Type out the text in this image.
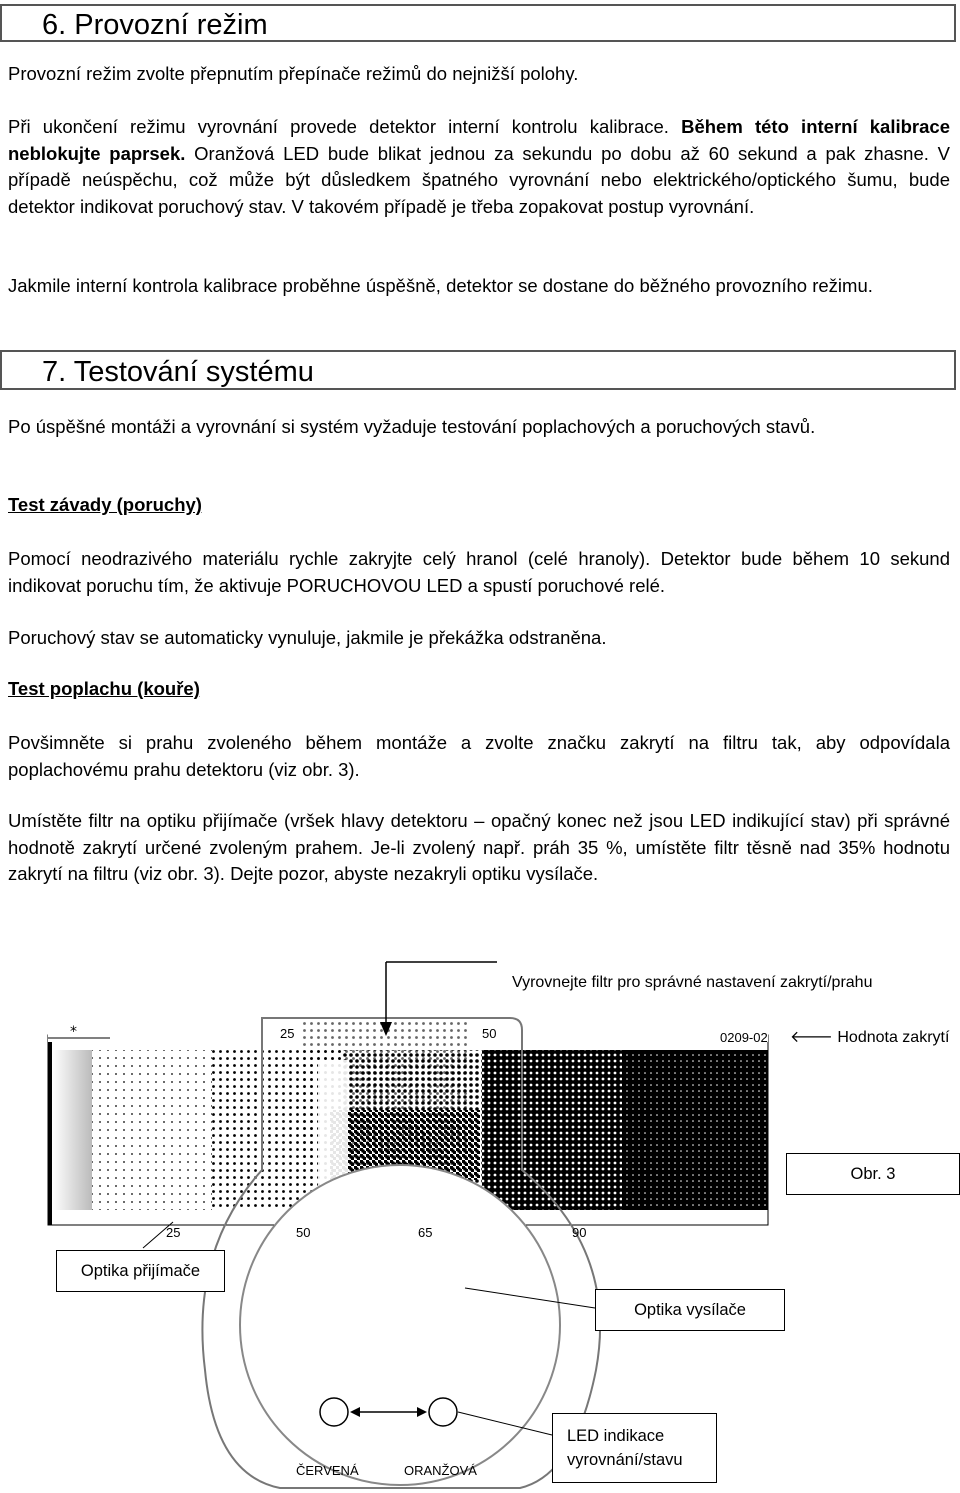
6. Provozní režim

Provozní režim zvolte přepnutím přepínače režimů do nejnižší polohy.

Při ukončení režimu vyrovnání provede detektor interní kontrolu kalibrace. Během této interní kalibrace neblokujte paprsek. Oranžová LED bude blikat jednou za sekundu po dobu až 60 sekund a pak zhasne. V případě neúspěchu, což může být důsledkem špatného vyrovnání nebo elektrického/optického šumu, bude detektor indikovat poruchový stav. V takovém případě je třeba zopakovat postup vyrovnání.

Jakmile interní kontrola kalibrace proběhne úspěšně, detektor se dostane do běžného provozního režimu.

7. Testování systému

Po úspěšné montáži a vyrovnání si systém vyžaduje testování poplachových a poruchových stavů.

Test závady (poruchy)

Pomocí neodrazivého materiálu rychle zakryjte celý hranol (celé hranoly). Detektor bude během 10 sekund indikovat poruchu tím, že aktivuje PORUCHOVOU LED a spustí poruchové relé.

Poruchový stav se automaticky vynuluje, jakmile je překážka odstraněna.

Test poplachu (kouře)

Povšimněte si prahu zvoleného během montáže a zvolte značku zakrytí na filtru tak, aby odpovídala poplachovému prahu detektoru (viz obr. 3).

Umístěte filtr na optiku přijímače (vršek hlavy detektoru – opačný konec než jsou LED indikující stav) při správné hodnotě zakrytí určené zvoleným prahem. Je-li zvolený např. práh 35 %, umístěte filtr těsně nad 35% hodnotu zakrytí na filtru (viz obr. 3). Dejte pozor, abyste nezakryli optiku vysílače.

*	25	50	0209-02
25	50	65	90
Vyrovnejte filtr pro správné nastavení zakrytí/prahu
🡐 Hodnota zakrytí
Obr. 3
Optika přijímače
Optika vysílače
LED indikace vyrovnání/stavu
ČERVENÁ	ORANŽOVÁ
